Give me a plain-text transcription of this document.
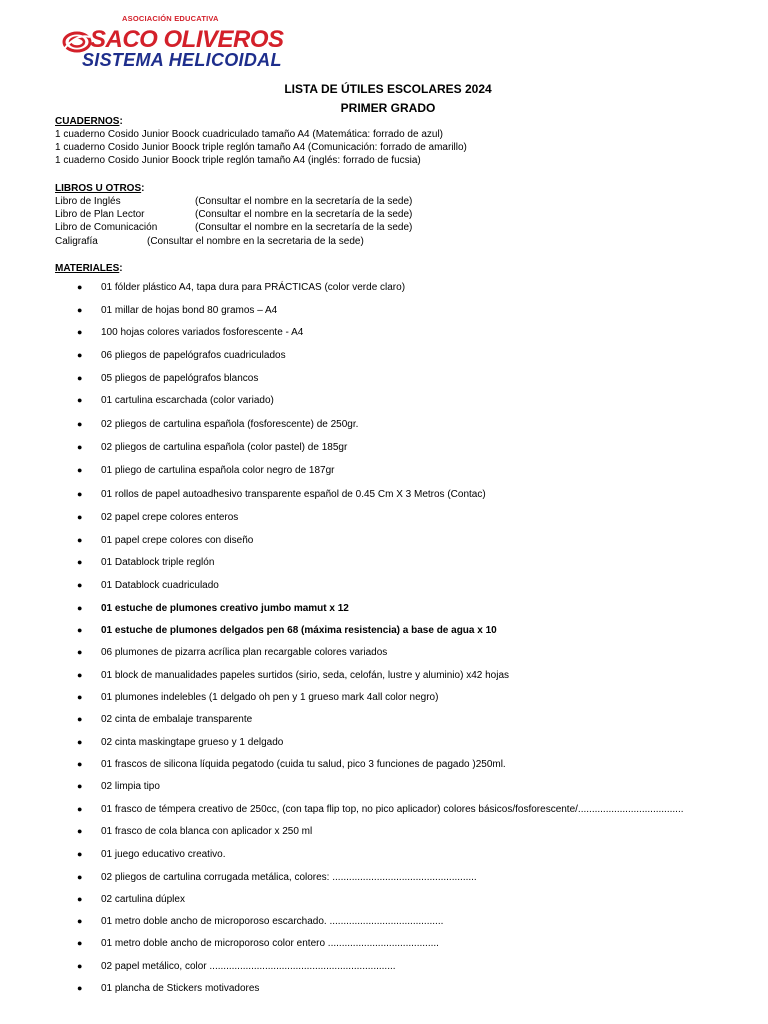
ASOCIACIÓN EDUCATIVA
SACO OLIVEROS
SISTEMA HELICOIDAL
LISTA DE ÚTILES ESCOLARES 2024
PRIMER GRADO
CUADERNOS:
1 cuaderno Cosido Junior Boock cuadriculado tamaño A4 (Matemática: forrado de azul)
1 cuaderno Cosido Junior Boock triple reglón tamaño A4 (Comunicación: forrado de amarillo)
1 cuaderno Cosido Junior Boock triple reglón tamaño A4 (inglés: forrado de fucsia)
LIBROS U OTROS:
Libro de Inglés	(Consultar el nombre en la secretaría de la sede)
Libro de Plan Lector	(Consultar el nombre en la secretaría de la sede)
Libro de Comunicación	(Consultar el nombre en la secretaría de la sede)
Caligrafía	(Consultar el nombre en la secretaria de la sede)
MATERIALES:
● 01 fólder plástico A4, tapa dura para PRÁCTICAS (color verde claro)
● 01 millar de hojas bond 80 gramos – A4
● 100 hojas colores variados fosforescente - A4
● 06 pliegos de papelógrafos cuadriculados
● 05 pliegos de papelógrafos blancos
● 01 cartulina escarchada (color variado)
● 02 pliegos de cartulina española (fosforescente) de 250gr.
● 02 pliegos de cartulina española (color pastel) de 185gr
● 01 pliego de cartulina española color negro de 187gr
● 01 rollos de papel autoadhesivo transparente español de 0.45 Cm X 3 Metros (Contac)
● 02 papel crepe colores enteros
● 01 papel crepe colores con diseño
● 01 Datablock triple reglón
● 01 Datablock cuadriculado
● 01 estuche de plumones creativo jumbo mamut x 12
● 01 estuche de plumones delgados pen 68 (máxima resistencia) a base de agua x 10
● 06 plumones de pizarra acrílica plan recargable colores variados
● 01 block de manualidades papeles surtidos (sirio, seda, celofán, lustre y aluminio) x42 hojas
● 01 plumones indelebles (1 delgado oh pen y 1 grueso mark 4all color negro)
● 02 cinta de embalaje transparente
● 02 cinta maskingtape grueso y 1 delgado
● 01 frascos de silicona líquida pegatodo (cuida tu salud, pico 3 funciones de pagado )250ml.
● 02 limpia tipo
● 01 frasco de témpera creativo de 250cc, (con tapa flip top, no pico aplicador) colores básicos/fosforescente/......................................
● 01 frasco de cola blanca con aplicador x 250 ml
● 01 juego educativo creativo.
● 02 pliegos de cartulina corrugada metálica, colores: ....................................................
● 02 cartulina dúplex
● 01 metro doble ancho de microporoso escarchado. .........................................
● 01 metro doble ancho de microporoso color entero ........................................
● 02 papel metálico, color ...................................................................
● 01 plancha de Stickers motivadores
